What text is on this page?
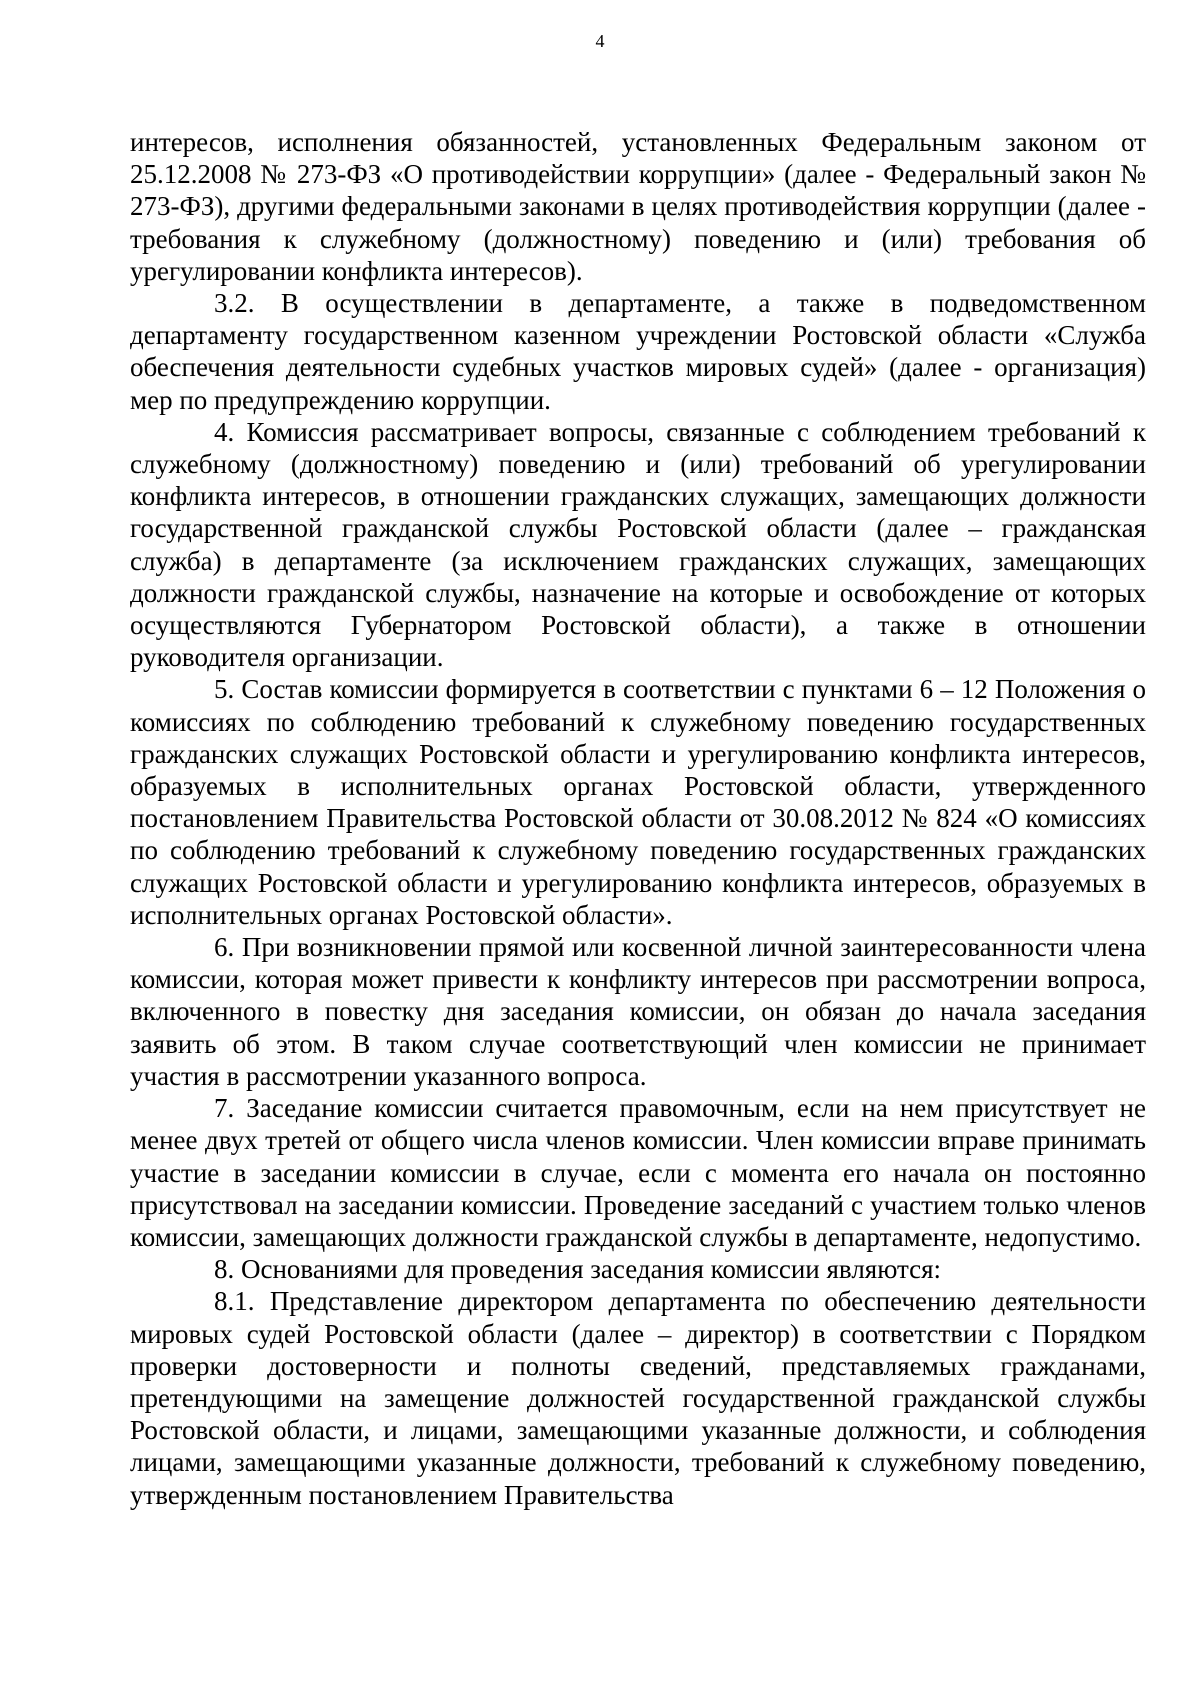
4

интересов, исполнения обязанностей, установленных Федеральным законом от 25.12.2008 № 273-ФЗ «О противодействии коррупции» (далее - Федеральный закон № 273-ФЗ), другими федеральными законами в целях противодействия коррупции (далее - требования к служебному (должностному) поведению и (или) требования об урегулировании конфликта интересов).

3.2. В осуществлении в департаменте, а также в подведомственном департаменту государственном казенном учреждении Ростовской области «Служба обеспечения деятельности судебных участков мировых судей» (далее - организация) мер по предупреждению коррупции.

4. Комиссия рассматривает вопросы, связанные с соблюдением требований к служебному (должностному) поведению и (или) требований об урегулировании конфликта интересов, в отношении гражданских служащих, замещающих должности государственной гражданской службы Ростовской области (далее – гражданская служба) в департаменте (за исключением гражданских служащих, замещающих должности гражданской службы, назначение на которые и освобождение от которых осуществляются Губернатором Ростовской области), а также в отношении руководителя организации.

5. Состав комиссии формируется в соответствии с пунктами 6 – 12 Положения о комиссиях по соблюдению требований к служебному поведению государственных гражданских служащих Ростовской области и урегулированию конфликта интересов, образуемых в исполнительных органах Ростовской области, утвержденного постановлением Правительства Ростовской области от 30.08.2012 № 824 «О комиссиях по соблюдению требований к служебному поведению государственных гражданских служащих Ростовской области и урегулированию конфликта интересов, образуемых в исполнительных органах Ростовской области».

6. При возникновении прямой или косвенной личной заинтересованности члена комиссии, которая может привести к конфликту интересов при рассмотрении вопроса, включенного в повестку дня заседания комиссии, он обязан до начала заседания заявить об этом. В таком случае соответствующий член комиссии не принимает участия в рассмотрении указанного вопроса.

7. Заседание комиссии считается правомочным, если на нем присутствует не менее двух третей от общего числа членов комиссии. Член комиссии вправе принимать участие в заседании комиссии в случае, если с момента его начала он постоянно присутствовал на заседании комиссии. Проведение заседаний с участием только членов комиссии, замещающих должности гражданской службы в департаменте, недопустимо.

8. Основаниями для проведения заседания комиссии являются:

8.1. Представление директором департамента по обеспечению деятельности мировых судей Ростовской области (далее – директор) в соответствии с Порядком проверки достоверности и полноты сведений, представляемых гражданами, претендующими на замещение должностей государственной гражданской службы Ростовской области, и лицами, замещающими указанные должности, и соблюдения лицами, замещающими указанные должности, требований к служебному поведению, утвержденным постановлением Правительства
